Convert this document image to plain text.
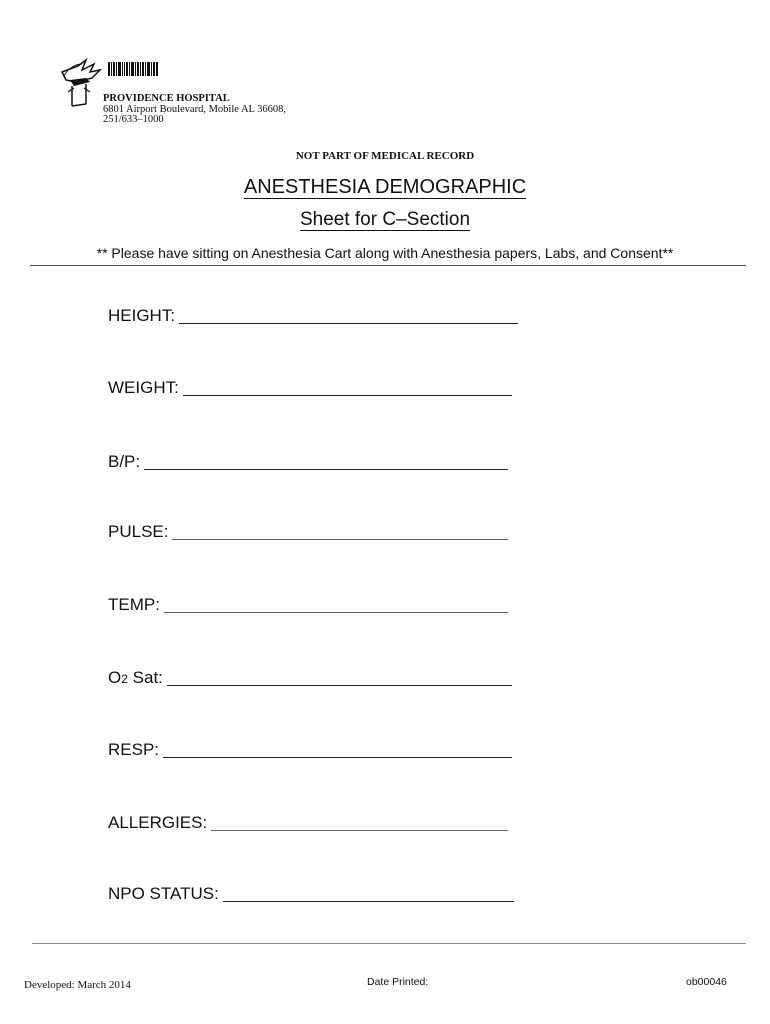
PROVIDENCE HOSPITAL
6801 Airport Boulevard, Mobile AL 36608,
251/633–1000
NOT PART OF MEDICAL RECORD
ANESTHESIA DEMOGRAPHIC
Sheet for C–Section
** Please have sitting on Anesthesia Cart along with Anesthesia papers, Labs, and Consent**
HEIGHT:
WEIGHT:
B/P:
PULSE:
TEMP:
O2 Sat:
RESP:
ALLERGIES:
NPO STATUS:
Developed: March 2014	Date Printed:	ob00046
